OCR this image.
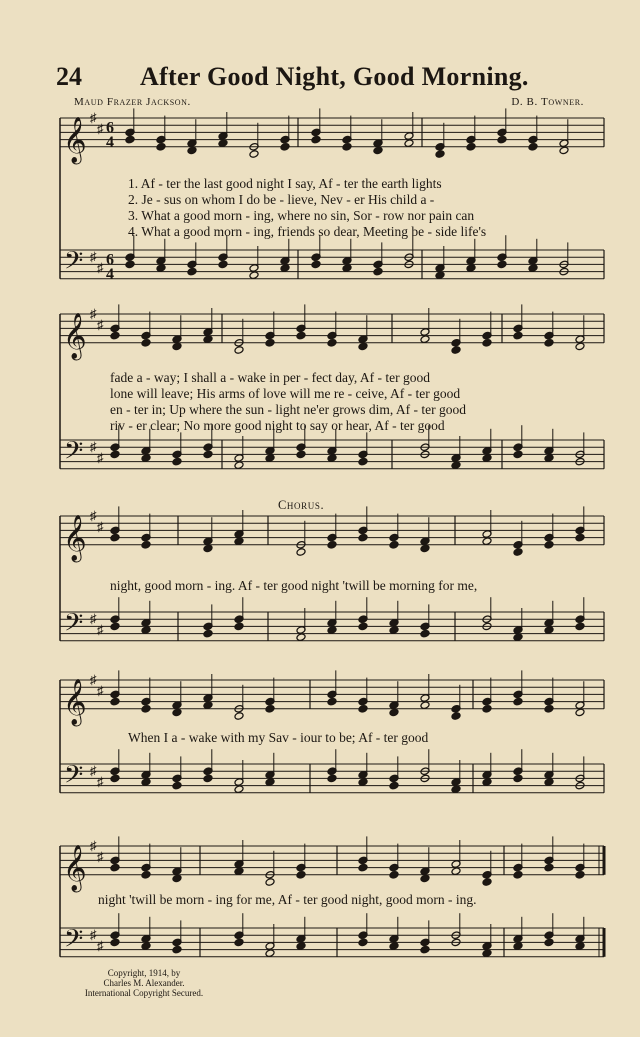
24 After Good Night, Good Morning.
Maud Frazer Jackson.	D. B. Towner.
𝄞
𝄢
♯
♯
♯
♯
6
4
6
4
𝄞
𝄢
♯
♯
♯
♯
𝄞
𝄢
♯
♯
♯
♯
𝄞
𝄢
♯
♯
♯
♯
𝄞
𝄢
♯
♯
♯
♯
1. Af - ter the last good night I say, Af - ter the earth lights
2. Je - sus on whom I do be - lieve, Nev - er His child a -
3. What a good morn - ing, where no sin, Sor - row nor pain can
4. What a good morn - ing, friends so dear, Meeting be - side life's
fade a - way; I shall a - wake in per - fect day, Af - ter good
lone will leave; His arms of love will me re - ceive, Af - ter good
en - ter in; Up where the sun - light ne'er grows dim, Af - ter good
riv - er clear; No more good night to say or hear, Af - ter good
Chorus.
night, good morn - ing. Af - ter good night 'twill be morning for me,
When I a - wake with my Sav - iour to be; Af - ter good
night 'twill be morn - ing for me, Af - ter good night, good morn - ing.
Copyright, 1914, by
Charles M. Alexander.
International Copyright Secured.
